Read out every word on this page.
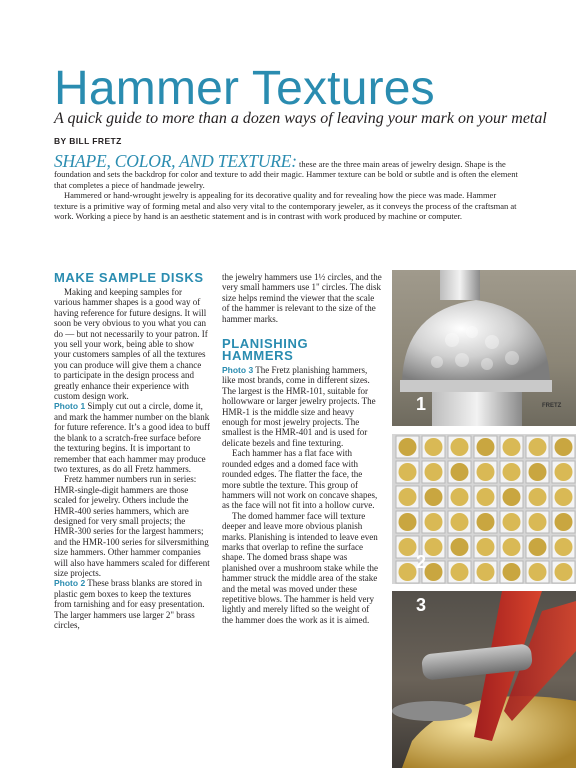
Hammer Textures
A quick guide to more than a dozen ways of leaving your mark on your metal
BY BILL FRETZ

SHAPE, COLOR, AND TEXTURE: these are the three main areas of jewelry design. Shape is the foundation and sets the backdrop for color and texture to add their magic. Hammer texture can be bold or subtle and is often the element that completes a piece of handmade jewelry.

Hammered or hand-wrought jewelry is appealing for its decorative quality and for revealing how the piece was made. Hammer texture is a primitive way of forming metal and also very vital to the contemporary jeweler, as it conveys the process of the craftsman at work. Working a piece by hand is an aesthetic statement and is in contrast with work produced by machine or computer.

MAKE SAMPLE DISKS

Making and keeping samples for various hammer shapes is a good way of having reference for future designs. It will soon be very obvious to you what you can do — but not necessarily to your patron. If you sell your work, being able to show your customers samples of all the textures you can produce will give them a chance to participate in the design process and greatly enhance their experience with custom design work.

Photo 1 Simply cut out a circle, dome it, and mark the hammer number on the blank for future reference. It’s a good idea to buff the blank to a scratch-free surface before the texturing begins. It is important to remember that each hammer may produce two textures, as do all Fretz hammers.

Fretz hammer numbers run in series: HMR-single-digit hammers are those scaled for jewelry. Others include the HMR-400 series hammers, which are designed for very small projects; the HMR-300 series for the largest hammers; and the HMR-100 series for silversmithing size hammers. Other hammer companies will also have hammers scaled for different size projects.

Photo 2 These brass blanks are stored in plastic gem boxes to keep the textures from tarnishing and for easy presentation. The larger hammers use larger 2" brass circles,

the jewelry hammers use 1½ circles, and the very small hammers use 1" circles. The disk size helps remind the viewer that the scale of the hammer is relevant to the size of the hammer marks.

PLANISHING HAMMERS

Photo 3 The Fretz planishing hammers, like most brands, come in different sizes. The largest is the HMR-101, suitable for hollowware or larger jewelry projects. The HMR-1 is the middle size and heavy enough for most jewelry projects. The smallest is the HMR-401 and is used for delicate bezels and fine texturing.

Each hammer has a flat face with rounded edges and a domed face with rounded edges. The flatter the face, the more subtle the texture. This group of hammers will not work on concave shapes, as the face will not fit into a hollow curve.

The domed hammer face will texture deeper and leave more obvious planish marks. Planishing is intended to leave even marks that overlap to refine the surface shape. The domed brass shape was planished over a mushroom stake while the hammer struck the middle area of the stake and the metal was moved under these repetitive blows. The hammer is held very lightly and merely lifted so the weight of the hammer does the work as it is aimed.

FRETZ
1
2
3
